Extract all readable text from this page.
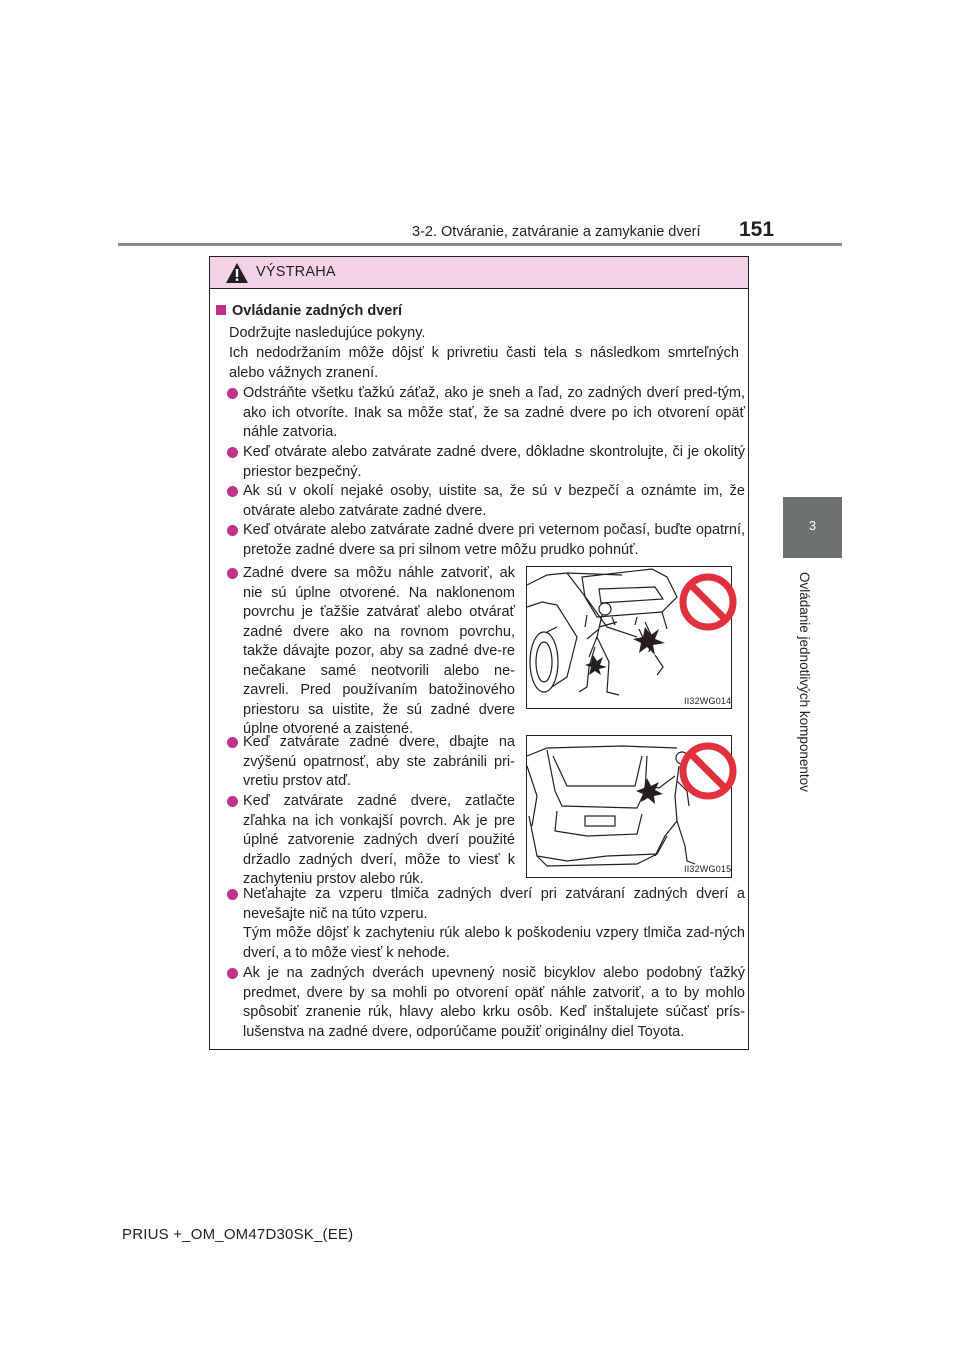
3-2. Otváranie, zatváranie a zamykanie dverí 151
3
Ovládanie jednotlivých komponentov
VÝSTRAHA
Ovládanie zadných dverí
Dodržujte nasledujúce pokyny.
Ich nedodržaním môže dôjsť k privretiu časti tela s následkom smrteľných alebo vážnych zranení.
Odstráňte všetku ťažkú záťaž, ako je sneh a ľad, zo zadných dverí pred-tým, ako ich otvoríte. Inak sa môže stať, že sa zadné dvere po ich otvorení opäť náhle zatvoria.
Keď otvárate alebo zatvárate zadné dvere, dôkladne skontrolujte, či je okolitý priestor bezpečný.
Ak sú v okolí nejaké osoby, uistite sa, že sú v bezpečí a oznámte im, že otvárate alebo zatvárate zadné dvere.
Keď otvárate alebo zatvárate zadné dvere pri veternom počasí, buďte opatrní, pretože zadné dvere sa pri silnom vetre môžu prudko pohnúť.
Zadné dvere sa môžu náhle zatvoriť, ak nie sú úplne otvorené. Na naklonenom povrchu je ťažšie zatvárať alebo otvárať zadné dvere ako na rovnom povrchu, takže dávajte pozor, aby sa zadné dve-re nečakane samé neotvorili alebo ne-zavreli. Pred používaním batožinového priestoru sa uistite, že sú zadné dvere úplne otvorené a zaistené.
II32WG014
Keď zatvárate zadné dvere, dbajte na zvýšenú opatrnosť, aby ste zabránili pri-vretiu prstov atď.
Keď zatvárate zadné dvere, zatlačte zľahka na ich vonkajší povrch. Ak je pre úplné zatvorenie zadných dverí použité držadlo zadných dverí, môže to viesť k zachyteniu prstov alebo rúk.
II32WG015

Neťahajte za vzperu tlmiča zadných dverí pri zatváraní zadných dverí a nevešajte nič na túto vzperu.

Tým môže dôjsť k zachyteniu rúk alebo k poškodeniu vzpery tlmiča zad-ných dverí, a to môže viesť k nehode.

Ak je na zadných dverách upevnený nosič bicyklov alebo podobný ťažký predmet, dvere by sa mohli po otvorení opäť náhle zatvoriť, a to by mohlo spôsobiť zranenie rúk, hlavy alebo krku osôb. Keď inštalujete súčasť prís-lušenstva na zadné dvere, odporúčame použiť originálny diel Toyota.
PRIUS +_OM_OM47D30SK_(EE)
